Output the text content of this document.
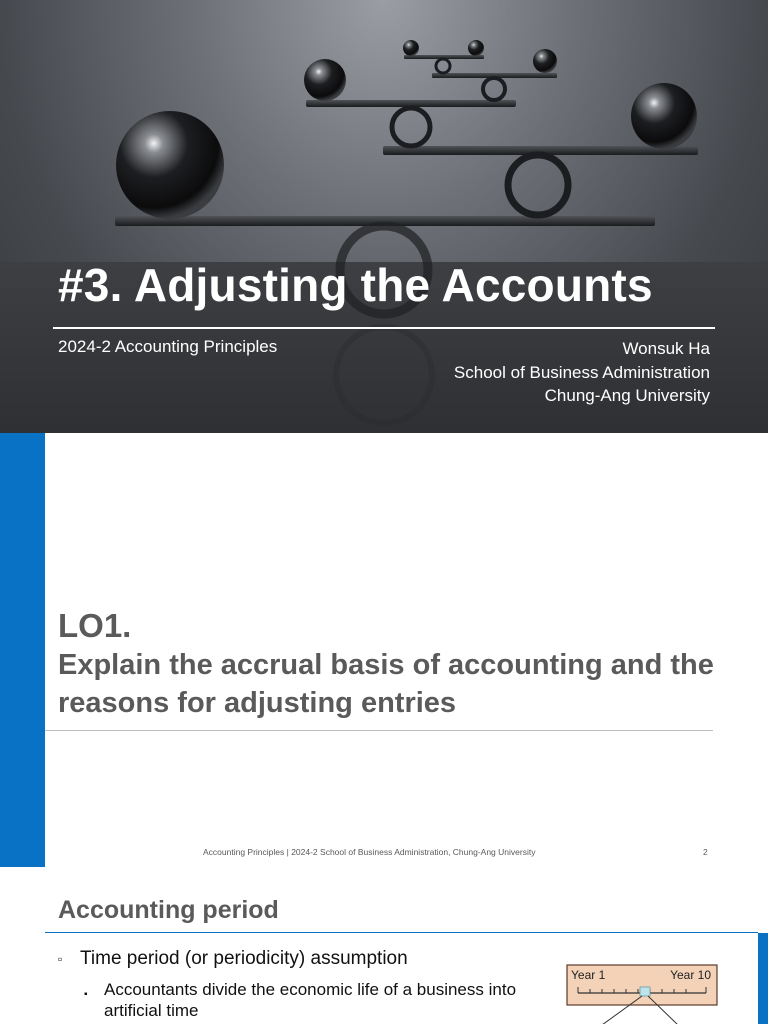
#3. Adjusting the Accounts
2024-2 Accounting Principles	Wonsuk Ha
School of Business Administration
Chung-Ang University
LO1.
Explain the accrual basis of accounting and the reasons for adjusting entries
Accounting Principles | 2024-2 School of Business Administration, Chung-Ang University	2
Accounting period
▫ Time period (or periodicity) assumption
▪ Accountants divide the economic life of a business into artificial time
Year 1	Year 10
